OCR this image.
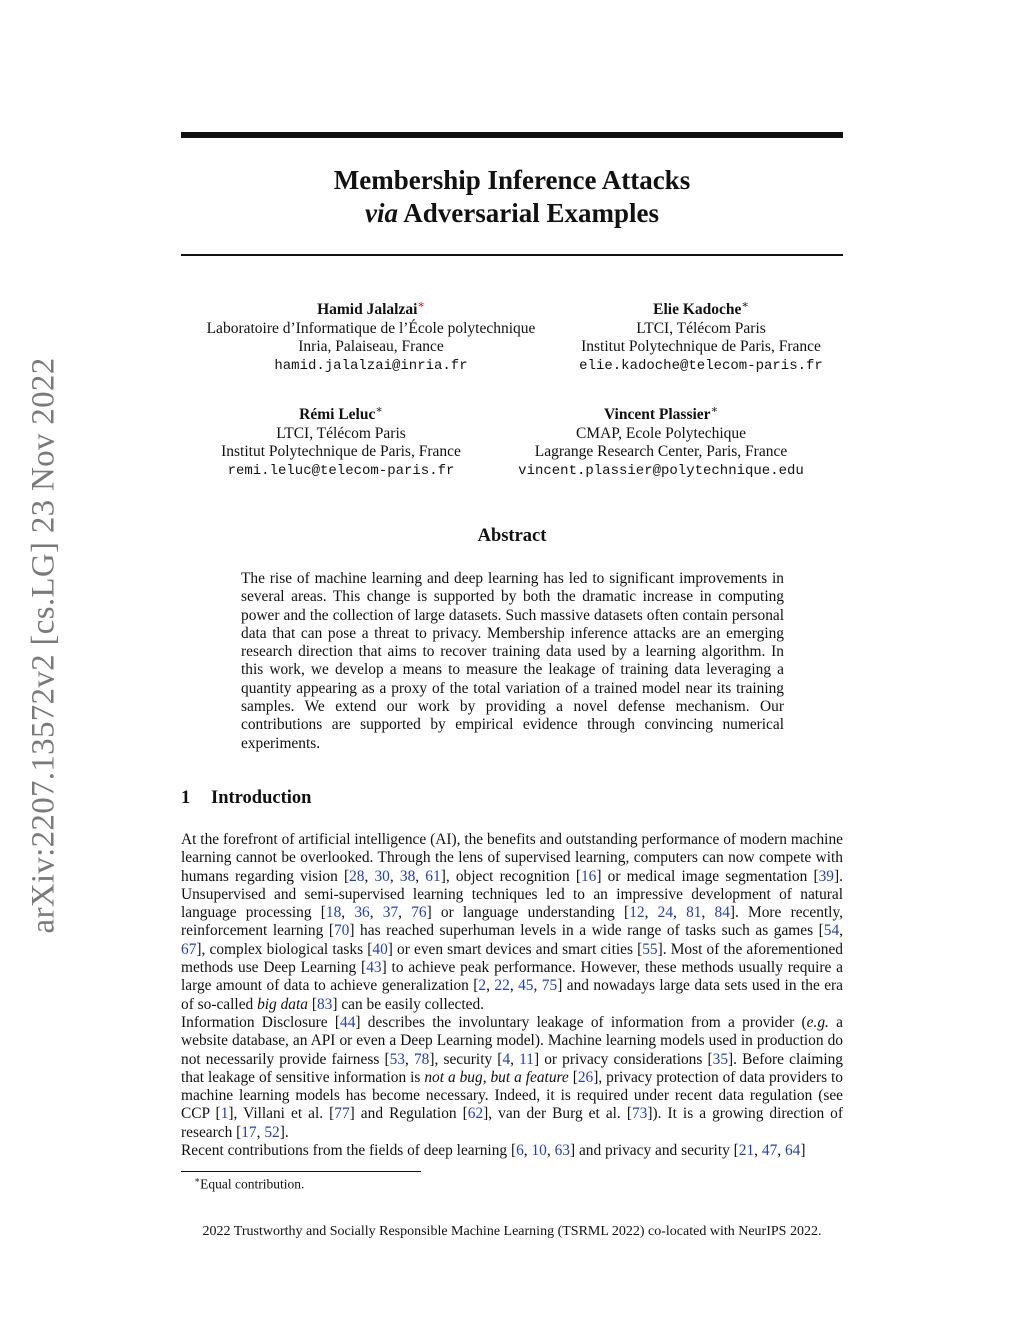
arXiv:2207.13572v2 [cs.LG] 23 Nov 2022
Membership Inference Attacks
via Adversarial Examples
Hamid Jalalzai∗
Laboratoire d’Informatique de l’École polytechnique
Inria, Palaiseau, France
hamid.jalalzai@inria.fr
Elie Kadoche∗
LTCI, Télécom Paris
Institut Polytechnique de Paris, France
elie.kadoche@telecom-paris.fr
Rémi Leluc∗
LTCI, Télécom Paris
Institut Polytechnique de Paris, France
remi.leluc@telecom-paris.fr
Vincent Plassier∗
CMAP, Ecole Polytechique
Lagrange Research Center, Paris, France
vincent.plassier@polytechnique.edu
Abstract
The rise of machine learning and deep learning has led to significant improvements in several areas. This change is supported by both the dramatic increase in computing power and the collection of large datasets. Such massive datasets often contain personal data that can pose a threat to privacy. Membership inference attacks are an emerging research direction that aims to recover training data used by a learning algorithm. In this work, we develop a means to measure the leakage of training data leveraging a quantity appearing as a proxy of the total variation of a trained model near its training samples. We extend our work by providing a novel defense mechanism. Our contributions are supported by empirical evidence through convincing numerical experiments.
1 Introduction

At the forefront of artificial intelligence (AI), the benefits and outstanding performance of modern machine learning cannot be overlooked. Through the lens of supervised learning, computers can now compete with humans regarding vision [28, 30, 38, 61], object recognition [16] or medical image segmentation [39]. Unsupervised and semi-supervised learning techniques led to an impressive development of natural language processing [18, 36, 37, 76] or language understanding [12, 24, 81, 84]. More recently, reinforcement learning [70] has reached superhuman levels in a wide range of tasks such as games [54, 67], complex biological tasks [40] or even smart devices and smart cities [55]. Most of the aforementioned methods use Deep Learning [43] to achieve peak performance. However, these methods usually require a large amount of data to achieve generalization [2, 22, 45, 75] and nowadays large data sets used in the era of so-called big data [83] can be easily collected.

Information Disclosure [44] describes the involuntary leakage of information from a provider (e.g. a website database, an API or even a Deep Learning model). Machine learning models used in production do not necessarily provide fairness [53, 78], security [4, 11] or privacy considerations [35]. Before claiming that leakage of sensitive information is not a bug, but a feature [26], privacy protection of data providers to machine learning models has become necessary. Indeed, it is required under recent data regulation (see CCP [1], Villani et al. [77] and Regulation [62], van der Burg et al. [73]). It is a growing direction of research [17, 52].

Recent contributions from the fields of deep learning [6, 10, 63] and privacy and security [21, 47, 64]

∗Equal contribution.
2022 Trustworthy and Socially Responsible Machine Learning (TSRML 2022) co-located with NeurIPS 2022.
